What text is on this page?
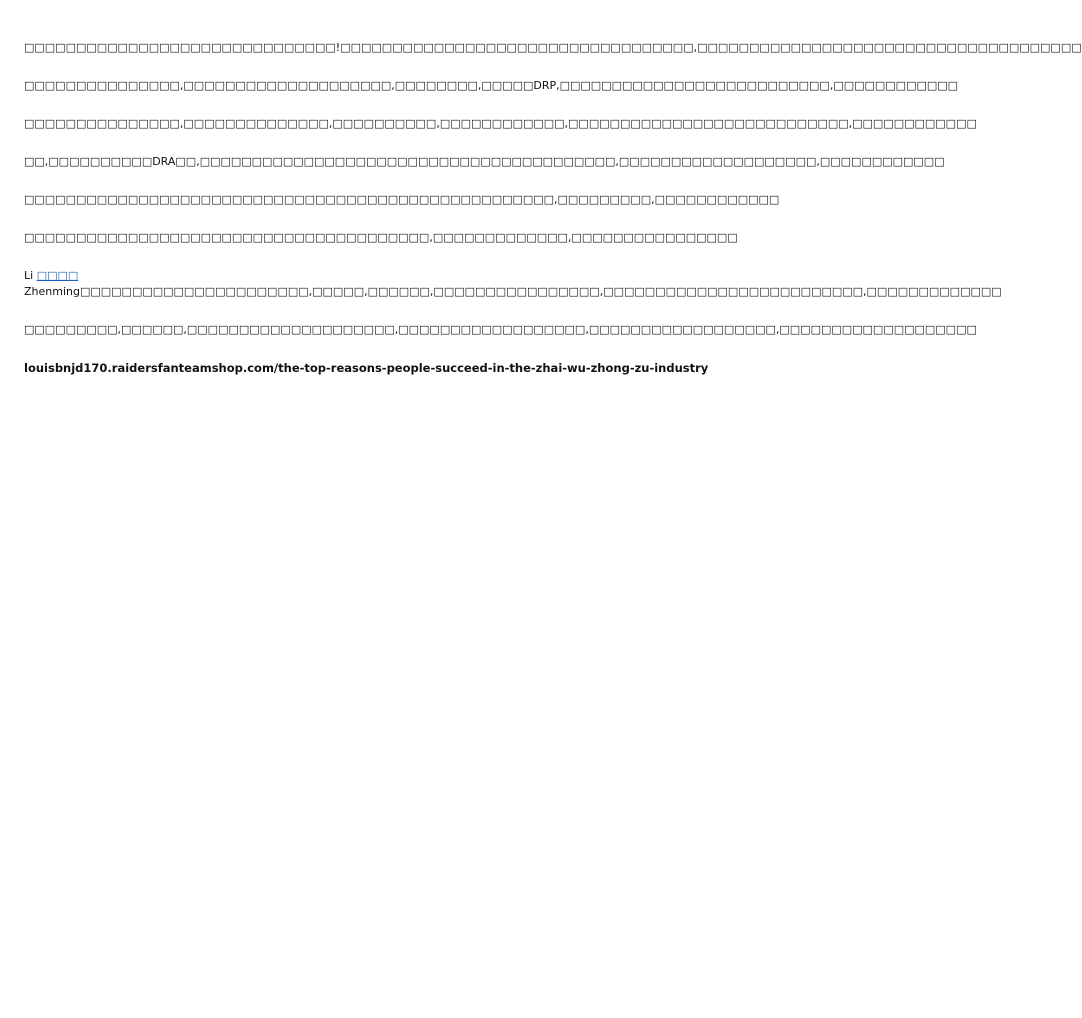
□□□□□□□□□□□□□□□□□□□□□□□□□□□□□□!□□□□□□□□□□□□□□□□□□□□□□□□□□□□□□□□□□,□□□□□□□□□□□□□□□□□□□□□□□□□□□□□□□□□□□□□

□□□□□□□□□□□□□□□,□□□□□□□□□□□□□□□□□□□□,□□□□□□□□,□□□□□DRP,□□□□□□□□□□□□□□□□□□□□□□□□□□,□□□□□□□□□□□□

□□□□□□□□□□□□□□□,□□□□□□□□□□□□□□,□□□□□□□□□□,□□□□□□□□□□□□,□□□□□□□□□□□□□□□□□□□□□□□□□□□,□□□□□□□□□□□□

□□,□□□□□□□□□□DRA□□,□□□□□□□□□□□□□□□□□□□□□□□□□□□□□□□□□□□□□□□□,□□□□□□□□□□□□□□□□□□□,□□□□□□□□□□□□

□□□□□□□□□□□□□□□□□□□□□□□□□□□□□□□□□□□□□□□□□□□□□□□□□□□,□□□□□□□□□,□□□□□□□□□□□□

□□□□□□□□□□□□□□□□□□□□□□□□□□□□□□□□□□□□□□□,□□□□□□□□□□□□□,□□□□□□□□□□□□□□□□

Li □□□□
Zhenming□□□□□□□□□□□□□□□□□□□□□□,□□□□□,□□□□□□,□□□□□□□□□□□□□□□□,□□□□□□□□□□□□□□□□□□□□□□□□□,□□□□□□□□□□□□□

□□□□□□□□□,□□□□□□,□□□□□□□□□□□□□□□□□□□□,□□□□□□□□□□□□□□□□□□,□□□□□□□□□□□□□□□□□□,□□□□□□□□□□□□□□□□□□□

louisbnjd170.raidersfanteamshop.com/the-top-reasons-people-succeed-in-the-zhai-wu-zhong-zu-industry
